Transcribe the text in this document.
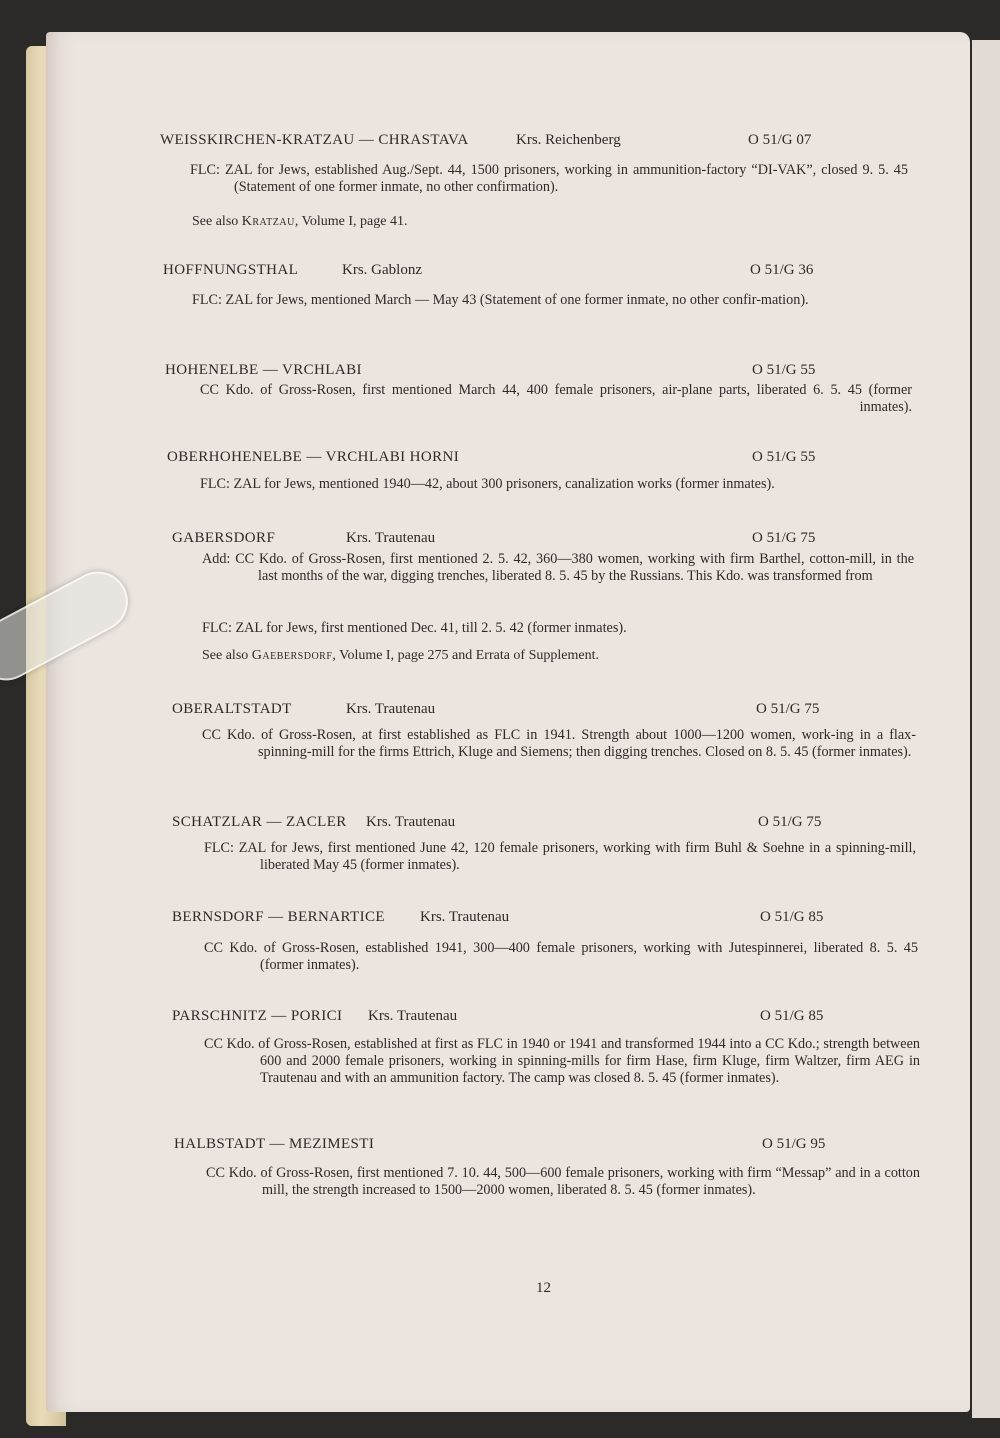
WEISSKIRCHEN-KRATZAU — CHRASTAVA	Krs. Reichenberg	O 51/G 07
FLC: ZAL for Jews, established Aug./Sept. 44, 1500 prisoners, working in ammunition-factory “DI-VAK”, closed 9. 5. 45 (Statement of one former inmate, no other confirmation).
See also Kratzau, Volume I, page 41.
HOFFNUNGSTHAL	Krs. Gablonz	O 51/G 36
FLC: ZAL for Jews, mentioned March — May 43 (Statement of one former inmate, no other confir-mation).
HOHENELBE — VRCHLABI	O 51/G 55
CC Kdo. of Gross-Rosen, first mentioned March 44, 400 female prisoners, air-plane parts, liberated 6. 5. 45 (former inmates).
OBERHOHENELBE — VRCHLABI HORNI	O 51/G 55
FLC: ZAL for Jews, mentioned 1940—42, about 300 prisoners, canalization works (former inmates).
GABERSDORF	Krs. Trautenau	O 51/G 75
Add: CC Kdo. of Gross-Rosen, first mentioned 2. 5. 42, 360—380 women, working with firm Barthel, cotton-mill, in the last months of the war, digging trenches, liberated 8. 5. 45 by the Russians. This Kdo. was transformed from
FLC: ZAL for Jews, first mentioned Dec. 41, till 2. 5. 42 (former inmates).
See also Gaebersdorf, Volume I, page 275 and Errata of Supplement.
OBERALTSTADT	Krs. Trautenau	O 51/G 75
CC Kdo. of Gross-Rosen, at first established as FLC in 1941. Strength about 1000—1200 women, work-ing in a flax-spinning-mill for the firms Ettrich, Kluge and Siemens; then digging trenches. Closed on 8. 5. 45 (former inmates).
SCHATZLAR — ZACLER Krs. Trautenau	O 51/G 75
FLC: ZAL for Jews, first mentioned June 42, 120 female prisoners, working with firm Buhl & Soehne in a spinning-mill, liberated May 45 (former inmates).
BERNSDORF — BERNARTICE Krs. Trautenau	O 51/G 85
CC Kdo. of Gross-Rosen, established 1941, 300—400 female prisoners, working with Jutespinnerei, liberated 8. 5. 45 (former inmates).
PARSCHNITZ — PORICI Krs. Trautenau	O 51/G 85
CC Kdo. of Gross-Rosen, established at first as FLC in 1940 or 1941 and transformed 1944 into a CC Kdo.; strength between 600 and 2000 female prisoners, working in spinning-mills for firm Hase, firm Kluge, firm Waltzer, firm AEG in Trautenau and with an ammunition factory. The camp was closed 8. 5. 45 (former inmates).
HALBSTADT — MEZIMESTI	O 51/G 95
CC Kdo. of Gross-Rosen, first mentioned 7. 10. 44, 500—600 female prisoners, working with firm “Messap” and in a cotton mill, the strength increased to 1500—2000 women, liberated 8. 5. 45 (former inmates).
12
